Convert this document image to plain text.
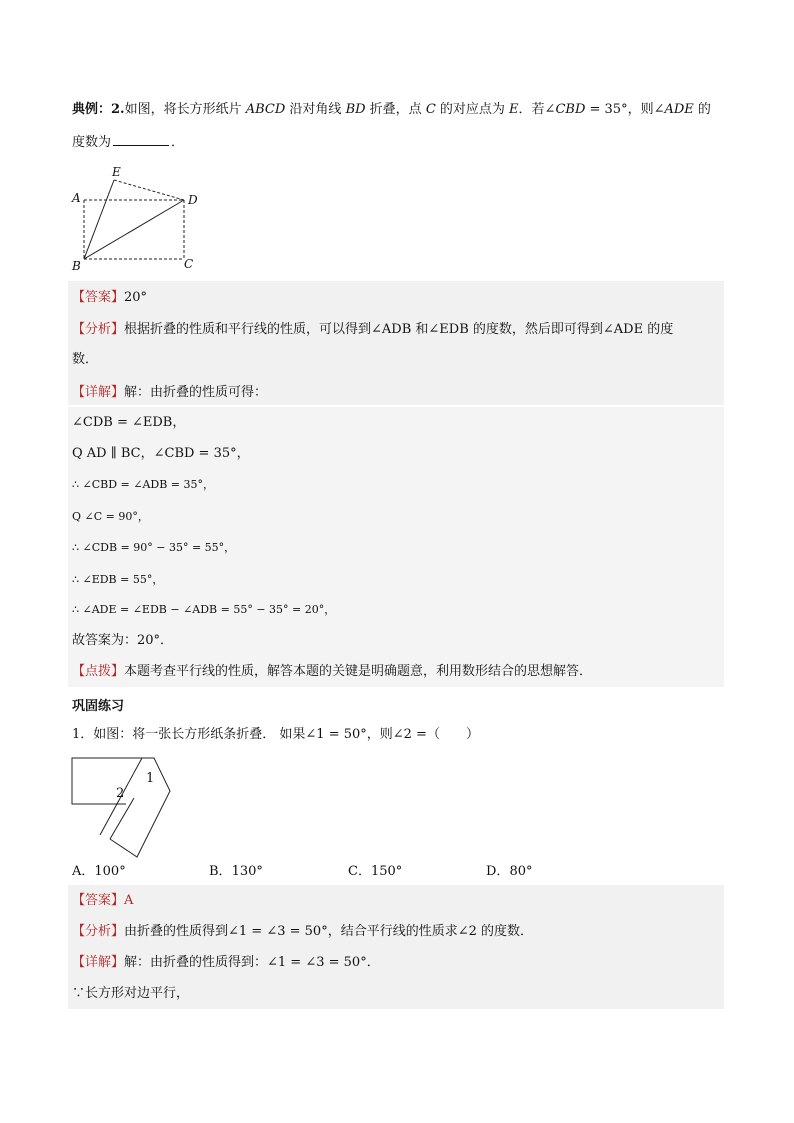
典例：2.如图，将长方形纸片 ABCD 沿对角线 BD 折叠，点 C 的对应点为 E．若∠CBD = 35°，则∠ADE 的
度数为	．
A
E
D
B	C
【答案】20°
【分析】根据折叠的性质和平行线的性质，可以得到∠ADB 和∠EDB 的度数，然后即可得到∠ADE 的度
数．
【详解】解：由折叠的性质可得：
∠CDB = ∠EDB，
Q AD ∥ BC，∠CBD = 35°，
∴ ∠CBD = ∠ADB = 35°，
Q ∠C = 90°，
∴ ∠CDB = 90° − 35° = 55°，
∴ ∠EDB = 55°，
∴ ∠ADE = ∠EDB − ∠ADB = 55° − 35° = 20°，
故答案为：20°．
【点拨】本题考查平行线的性质，解答本题的关键是明确题意，利用数形结合的思想解答．
巩固练习
1．如图：将一张长方形纸条折叠． 如果∠1 = 50°，则∠2 =（　　）
1
2
A．100°	B．130°	C．150°	D．80°
【答案】A
【分析】由折叠的性质得到∠1 = ∠3 = 50°，结合平行线的性质求∠2 的度数．
【详解】解：由折叠的性质得到：∠1 = ∠3 = 50°．
∵长方形对边平行，
